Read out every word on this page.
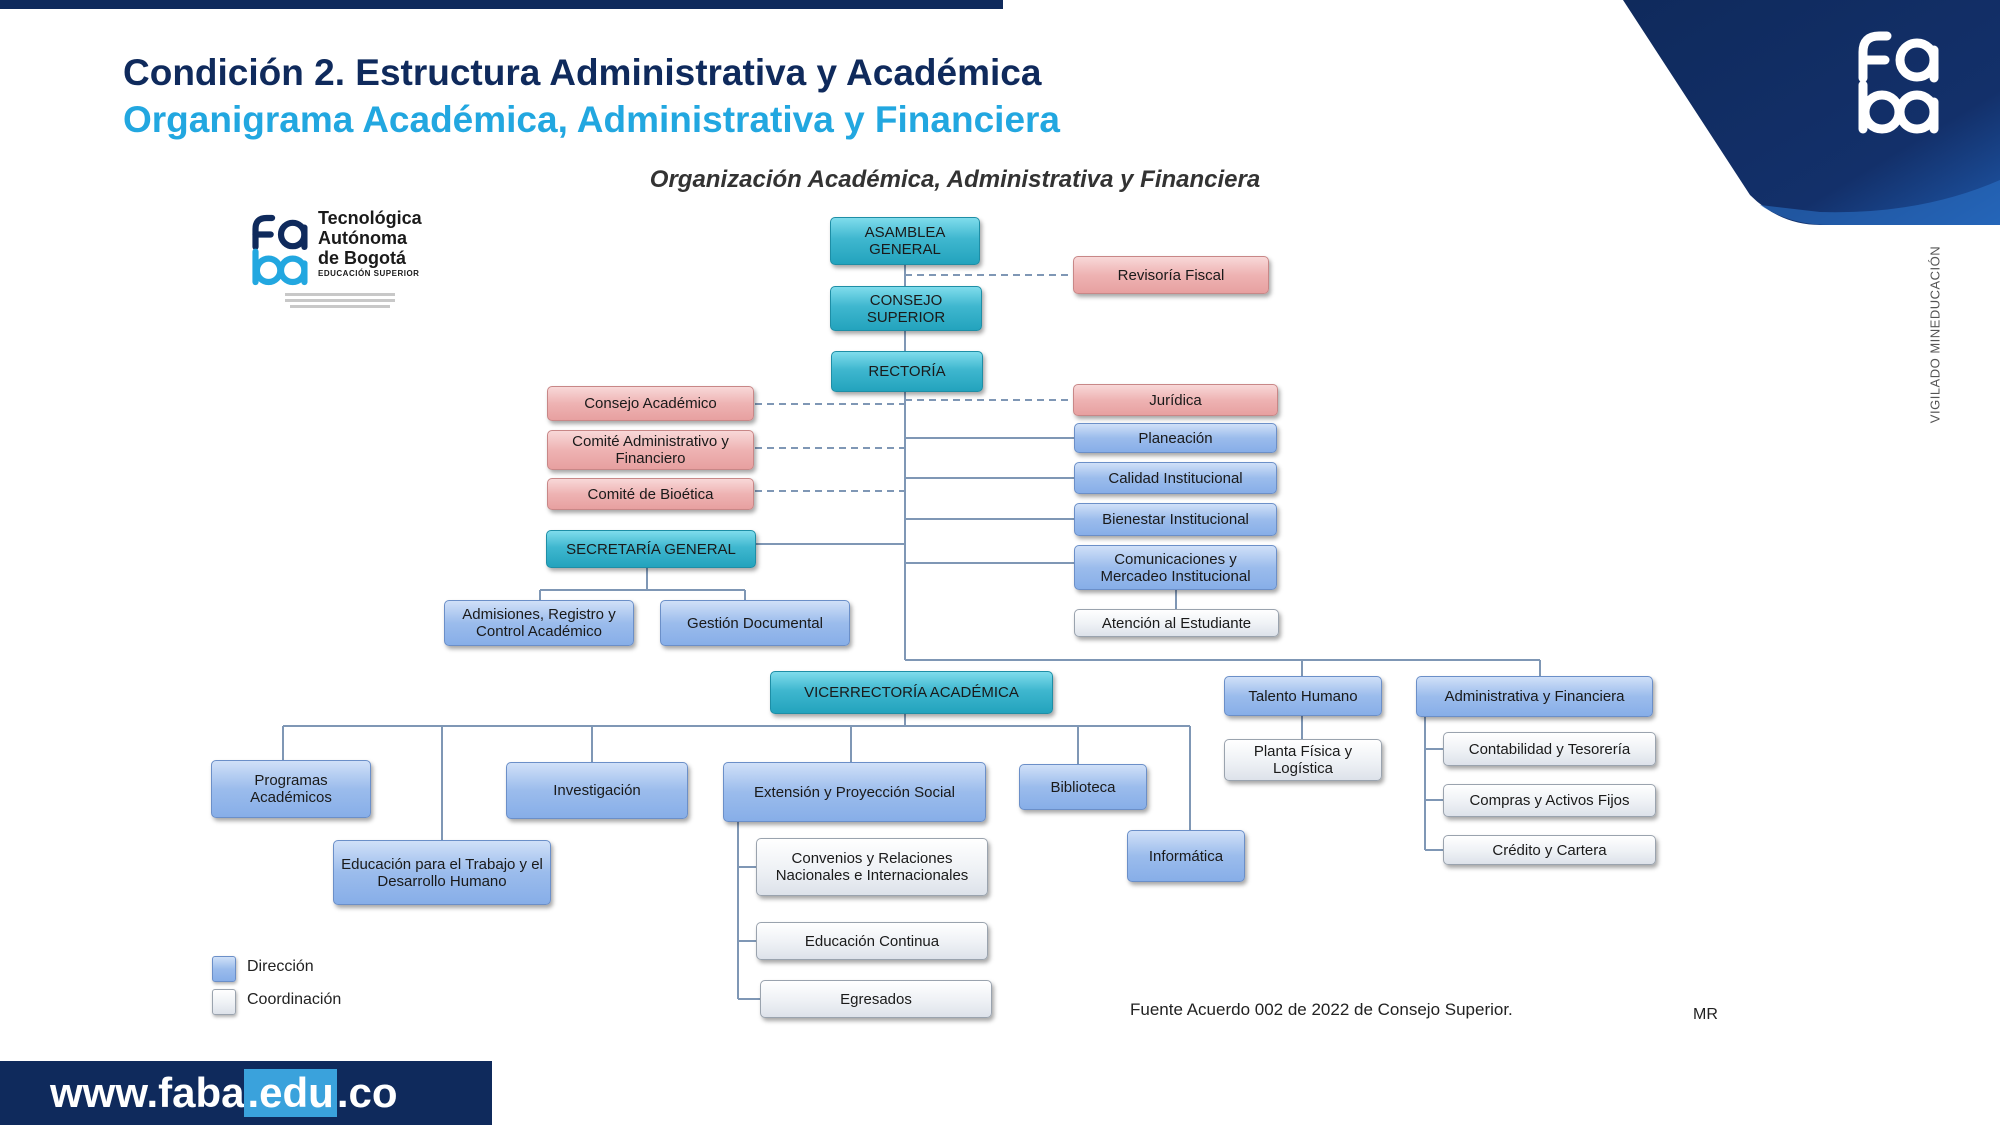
VIGILADO MINEDUCACIÓN
Condición 2. Estructura Administrativa y Académica
Organigrama Académica, Administrativa y Financiera
Organización Académica, Administrativa y Financiera
Tecnológica
Autónoma
de Bogotá
EDUCACIÓN SUPERIOR
ASAMBLEA GENERAL
Revisoría Fiscal
CONSEJO SUPERIOR
RECTORÍA
Consejo Académico
Comité Administrativo y Financiero
Comité de Bioética
SECRETARÍA GENERAL
Admisiones, Registro y Control Académico	Gestión Documental
Jurídica
Planeación
Calidad Institucional
Bienestar Institucional
Comunicaciones y Mercadeo Institucional
Atención al Estudiante
VICERRECTORÍA ACADÉMICA	Talento Humano
Planta Física y Logística
Administrativa y Financiera
Contabilidad y Tesorería
Compras y Activos Fijos
Crédito y Cartera
Programas Académicos
Educación para el Trabajo y el Desarrollo Humano
Investigación	Extensión y Proyección Social
Convenios y Relaciones Nacionales e Internacionales
Educación Continua
Egresados
Biblioteca
Informática
Dirección
Coordinación
Fuente Acuerdo 002 de 2022 de Consejo Superior.	MR
www.faba.edu.co
